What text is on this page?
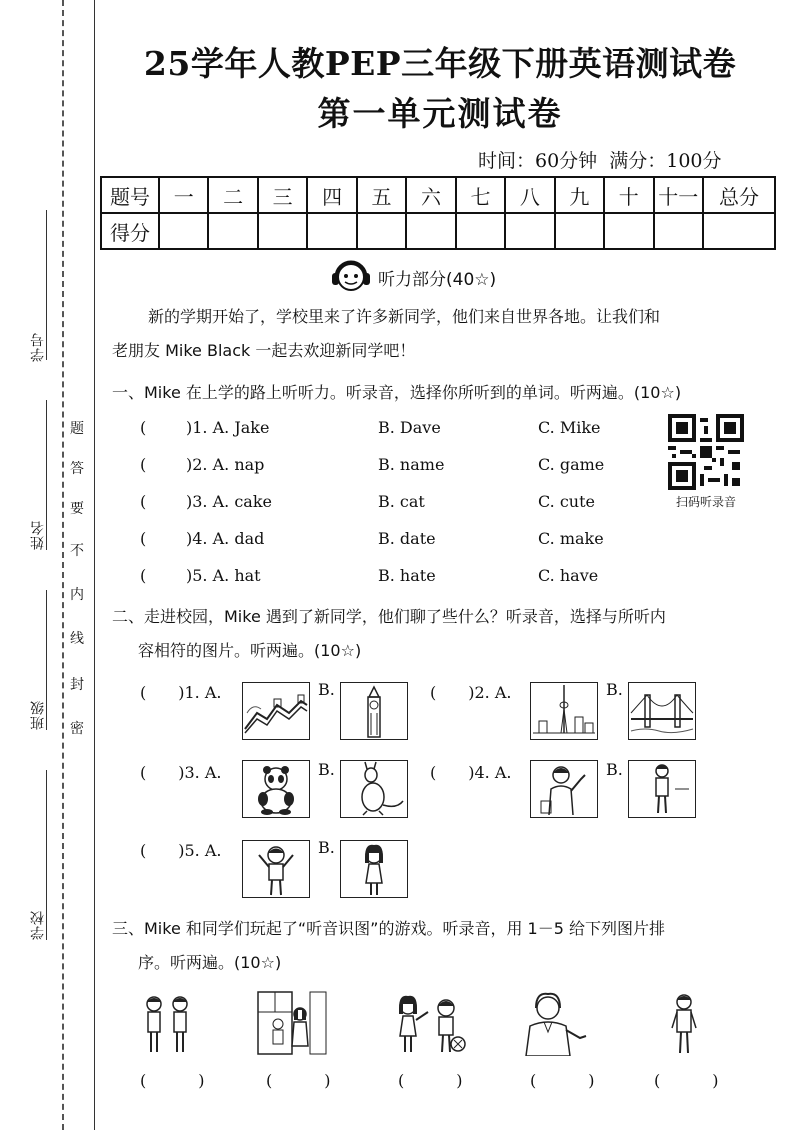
学号
姓名
班级
学校
题
答
要
不
内
线
封
密
25学年人教PEP三年级下册英语测试卷
第一单元测试卷
时间：60分钟 满分：100分
题号	一	二	三	四	五	六	七	八	九	十	十一	总分
得分												
听力部分(40☆)
新的学期开始了，学校里来了许多新同学，他们来自世界各地。让我们和
老朋友 Mike Black 一起去欢迎新同学吧！
一、Mike 在上学的路上听听力。听录音，选择你所听到的单词。听两遍。(10☆)
( )1. A. Jake	B. Dave	C. Mike
( )2. A. nap	B. name	C. game
( )3. A. cake	B. cat	C. cute
( )4. A. dad	B. date	C. make
( )5. A. hat	B. hate	C. have
扫码听录音
二、走进校园，Mike 遇到了新同学，他们聊了些什么？听录音，选择与所听内
容相符的图片。听两遍。(10☆)
(　　)1. A.	B.	(　　)2. A.	B.
(　　)3. A.	B.	(　　)4. A.	B.
(　　)5. A.	B.
三、Mike 和同学们玩起了“听音识图”的游戏。听录音，用 1－5 给下列图片排
序。听两遍。(10☆)
(　)	(　)	(　)	(　)	(　)
